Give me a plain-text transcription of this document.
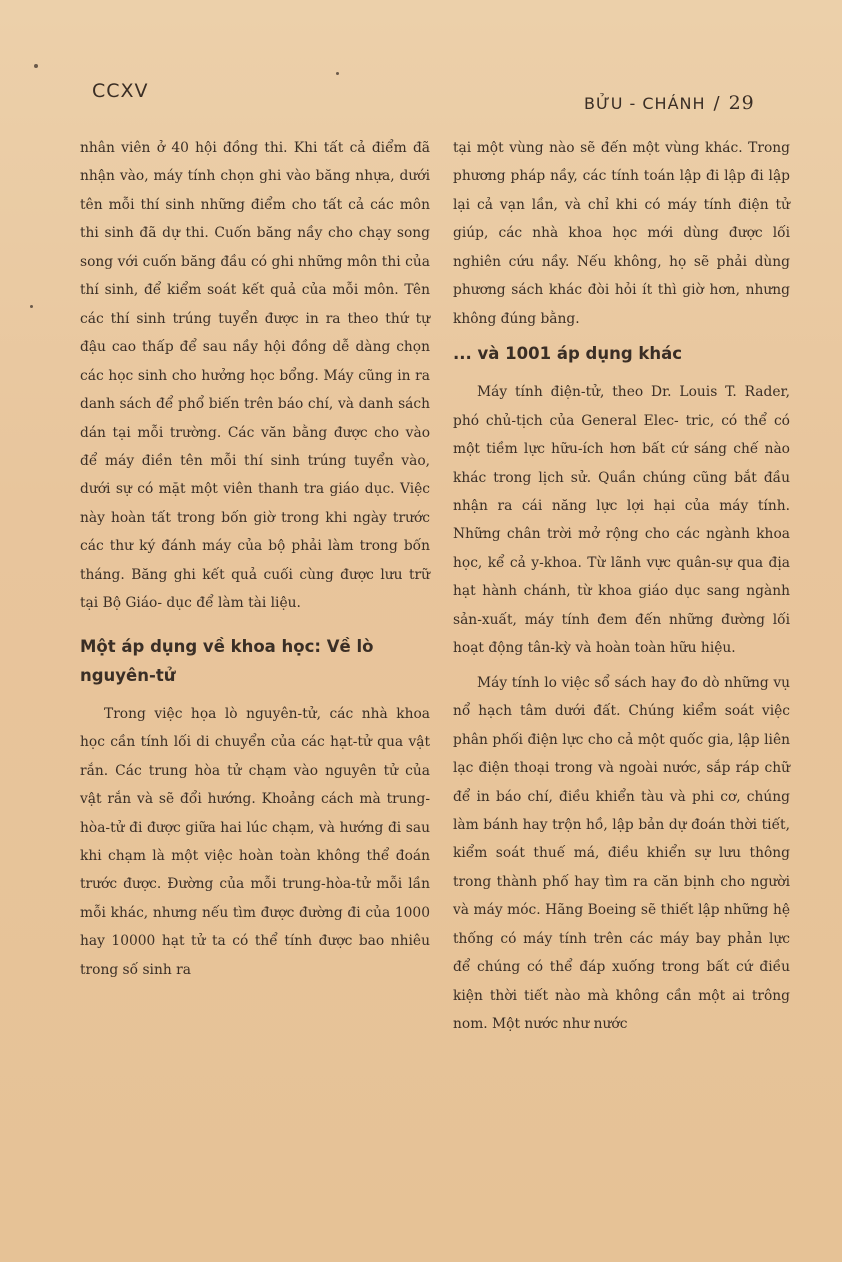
CCXV
BỬU - CHÁNH / 29

nhân viên ở 40 hội đồng thi. Khi tất cả điểm đã nhận vào, máy tính chọn ghi vào băng nhựa, dưới tên mỗi thí sinh những điểm cho tất cả các môn thi sinh đã dự thi. Cuốn băng nầy cho chạy song song với cuốn băng đầu có ghi những môn thi của thí sinh, để kiểm soát kết quả của mỗi môn. Tên các thí sinh trúng tuyển được in ra theo thứ tự đậu cao thấp để sau nầy hội đồng dễ dàng chọn các học sinh cho hưởng học bổng. Máy cũng in ra danh sách để phổ biến trên báo chí, và danh sách dán tại mỗi trường. Các văn bằng được cho vào để máy điền tên mỗi thí sinh trúng tuyển vào, dưới sự có mặt một viên thanh tra giáo dục. Việc này hoàn tất trong bốn giờ trong khi ngày trước các thư ký đánh máy của bộ phải làm trong bốn tháng. Băng ghi kết quả cuối cùng được lưu trữ tại Bộ Giáo- dục để làm tài liệu.

Một áp dụng về khoa học: Về lò nguyên-tử

Trong việc họa lò nguyên-tử, các nhà khoa học cần tính lối di chuyển của các hạt-tử qua vật rắn. Các trung hòa tử chạm vào nguyên tử của vật rắn và sẽ đổi hướng. Khoảng cách mà trung- hòa-tử đi được giữa hai lúc chạm, và hướng đi sau khi chạm là một việc hoàn toàn không thể đoán trước được. Đường của mỗi trung-hòa-tử mỗi lần mỗi khác, nhưng nếu tìm được đường đi của 1000 hay 10000 hạt tử ta có thể tính được bao nhiêu trong số sinh ra

tại một vùng nào sẽ đến một vùng khác. Trong phương pháp nầy, các tính toán lập đi lập đi lập lại cả vạn lần, và chỉ khi có máy tính điện tử giúp, các nhà khoa học mới dùng được lối nghiên cứu nầy. Nếu không, họ sẽ phải dùng phương sách khác đòi hỏi ít thì giờ hơn, nhưng không đúng bằng.

... và 1001 áp dụng khác

Máy tính điện-tử, theo Dr. Louis T. Rader, phó chủ-tịch của General Elec- tric, có thể có một tiềm lực hữu-ích hơn bất cứ sáng chế nào khác trong lịch sử. Quần chúng cũng bắt đầu nhận ra cái năng lực lợi hại của máy tính. Những chân trời mở rộng cho các ngành khoa học, kể cả y-khoa. Từ lãnh vực quân-sự qua địa hạt hành chánh, từ khoa giáo dục sang ngành sản-xuất, máy tính đem đến những đường lối hoạt động tân-kỳ và hoàn toàn hữu hiệu.

Máy tính lo việc sổ sách hay đo dò những vụ nổ hạch tâm dưới đất. Chúng kiểm soát việc phân phối điện lực cho cả một quốc gia, lập liên lạc điện thoại trong và ngoài nước, sắp ráp chữ để in báo chí, điều khiển tàu và phi cơ, chúng làm bánh hay trộn hồ, lập bản dự đoán thời tiết, kiểm soát thuế má, điều khiển sự lưu thông trong thành phố hay tìm ra căn bịnh cho người và máy móc. Hãng Boeing sẽ thiết lập những hệ thống có máy tính trên các máy bay phản lực để chúng có thể đáp xuống trong bất cứ điều kiện thời tiết nào mà không cần một ai trông nom. Một nước như nước
